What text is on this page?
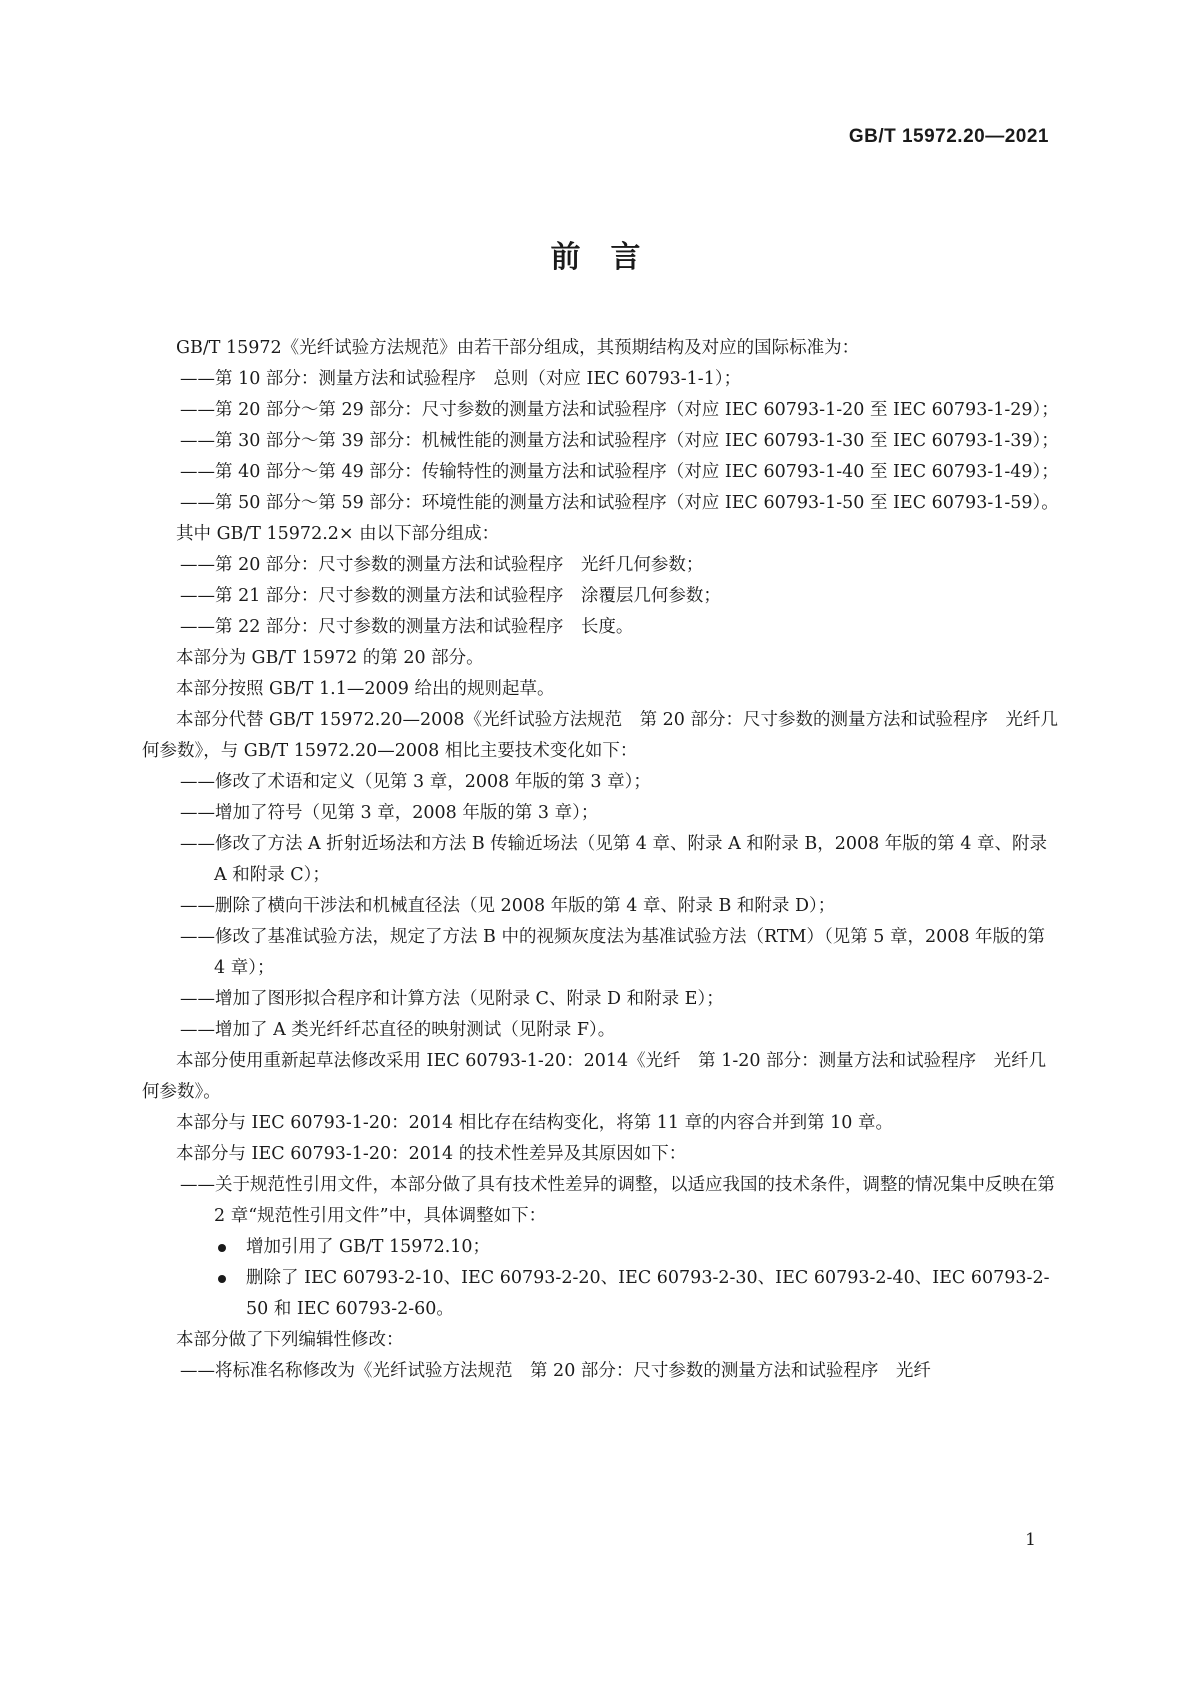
GB/T 15972.20—2021
前　言

GB/T 15972《光纤试验方法规范》由若干部分组成，其预期结构及对应的国际标准为：

——第 10 部分：测量方法和试验程序　总则（对应 IEC 60793-1-1）；

——第 20 部分～第 29 部分：尺寸参数的测量方法和试验程序（对应 IEC 60793-1-20 至 IEC 60793-1-29）；

——第 30 部分～第 39 部分：机械性能的测量方法和试验程序（对应 IEC 60793-1-30 至 IEC 60793-1-39）；

——第 40 部分～第 49 部分：传输特性的测量方法和试验程序（对应 IEC 60793-1-40 至 IEC 60793-1-49）；

——第 50 部分～第 59 部分：环境性能的测量方法和试验程序（对应 IEC 60793-1-50 至 IEC 60793-1-59）。

其中 GB/T 15972.2× 由以下部分组成：

——第 20 部分：尺寸参数的测量方法和试验程序　光纤几何参数；

——第 21 部分：尺寸参数的测量方法和试验程序　涂覆层几何参数；

——第 22 部分：尺寸参数的测量方法和试验程序　长度。

本部分为 GB/T 15972 的第 20 部分。

本部分按照 GB/T 1.1—2009 给出的规则起草。

本部分代替 GB/T 15972.20—2008《光纤试验方法规范　第 20 部分：尺寸参数的测量方法和试验程序　光纤几何参数》，与 GB/T 15972.20—2008 相比主要技术变化如下：

——修改了术语和定义（见第 3 章，2008 年版的第 3 章）；

——增加了符号（见第 3 章，2008 年版的第 3 章）；

——修改了方法 A 折射近场法和方法 B 传输近场法（见第 4 章、附录 A 和附录 B，2008 年版的第 4 章、附录 A 和附录 C）；

——删除了横向干涉法和机械直径法（见 2008 年版的第 4 章、附录 B 和附录 D）；

——修改了基准试验方法，规定了方法 B 中的视频灰度法为基准试验方法（RTM）（见第 5 章，2008 年版的第 4 章）；

——增加了图形拟合程序和计算方法（见附录 C、附录 D 和附录 E）；

——增加了 A 类光纤纤芯直径的映射测试（见附录 F）。

本部分使用重新起草法修改采用 IEC 60793-1-20：2014《光纤　第 1-20 部分：测量方法和试验程序　光纤几何参数》。

本部分与 IEC 60793-1-20：2014 相比存在结构变化，将第 11 章的内容合并到第 10 章。

本部分与 IEC 60793-1-20：2014 的技术性差异及其原因如下：

——关于规范性引用文件，本部分做了具有技术性差异的调整，以适应我国的技术条件，调整的情况集中反映在第 2 章“规范性引用文件”中，具体调整如下：

增加引用了 GB/T 15972.10；

删除了 IEC 60793-2-10、IEC 60793-2-20、IEC 60793-2-30、IEC 60793-2-40、IEC 60793-2-50 和 IEC 60793-2-60。

本部分做了下列编辑性修改：

——将标准名称修改为《光纤试验方法规范　第 20 部分：尺寸参数的测量方法和试验程序　光纤

1
